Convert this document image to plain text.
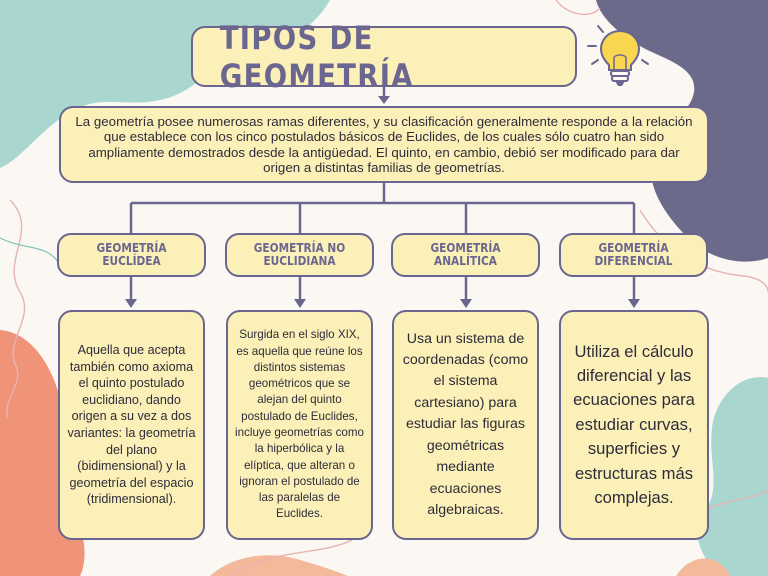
TIPOS DE GEOMETRÍA
La geometría posee numerosas ramas diferentes, y su clasificación generalmente responde a la relación que establece con los cinco postulados básicos de Euclides, de los cuales sólo cuatro han sido ampliamente demostrados desde la antigüedad. El quinto, en cambio, debió ser modificado para dar origen a distintas familias de geometrías.
GEOMETRÍA EUCLÍDEA
GEOMETRÍA NO EUCLIDIANA
GEOMETRÍA ANALÍTICA
GEOMETRÍA DIFERENCIAL
Aquella que acepta también como axioma el quinto postulado euclidiano, dando origen a su vez a dos variantes: la geometría del plano (bidimensional) y la geometría del espacio (tridimensional).
Surgida en el siglo XIX, es aquella que reúne los distintos sistemas geométricos que se alejan del quinto postulado de Euclides, incluye geometrías como la hiperbólica y la elíptica, que alteran o ignoran el postulado de las paralelas de Euclides.
Usa un sistema de coordenadas (como el sistema cartesiano) para estudiar las figuras geométricas mediante ecuaciones algebraicas.
Utiliza el cálculo diferencial y las ecuaciones para estudiar curvas, superficies y estructuras más complejas.
